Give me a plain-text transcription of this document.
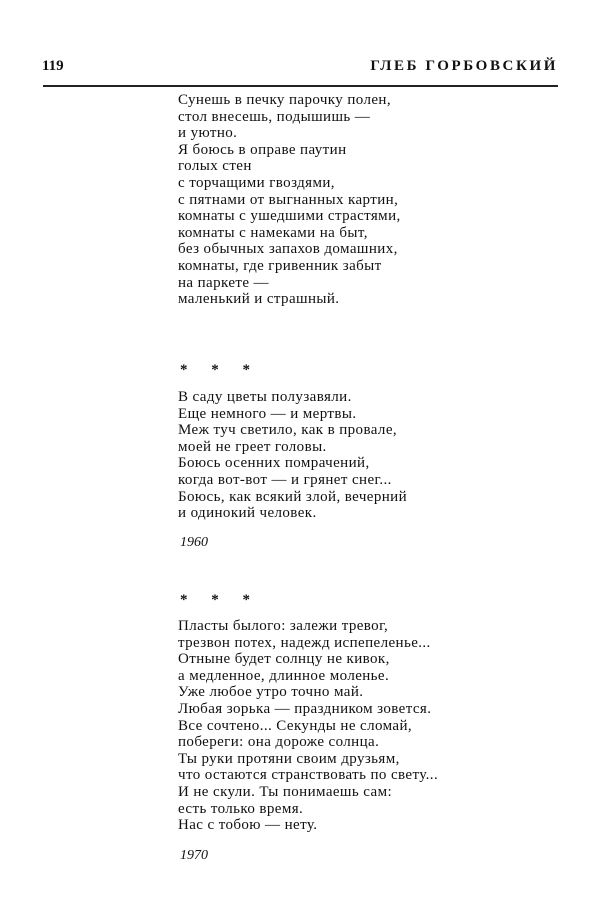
119	ГЛЕБ ГОРБОВСКИЙ
Сунешь в печку парочку полен,
стол внесешь, подышишь —
и уютно.
Я боюсь в оправе паутин
голых стен
с торчащими гвоздями,
с пятнами от выгнанных картин,
комнаты с ушедшими страстями,
комнаты с намеками на быт,
без обычных запахов домашних,
комнаты, где гривенник забыт
на паркете —
маленький и страшный.
* * *
В саду цветы полузавяли.
Еще немного — и мертвы.
Меж туч светило, как в провале,
моей не греет головы.
Боюсь осенних помрачений,
когда вот-вот — и грянет снег...
Боюсь, как всякий злой, вечерний
и одинокий человек.
1960
* * *
Пласты былого: залежи тревог,
трезвон потех, надежд испепеленье...
Отныне будет солнцу не кивок,
а медленное, длинное моленье.
Уже любое утро точно май.
Любая зорька — праздником зовется.
Все сочтено... Секунды не сломай,
побереги: она дороже солнца.
Ты руки протяни своим друзьям,
что остаются странствовать по свету...
И не скули. Ты понимаешь сам:
есть только время.
Нас с тобою — нету.
1970
